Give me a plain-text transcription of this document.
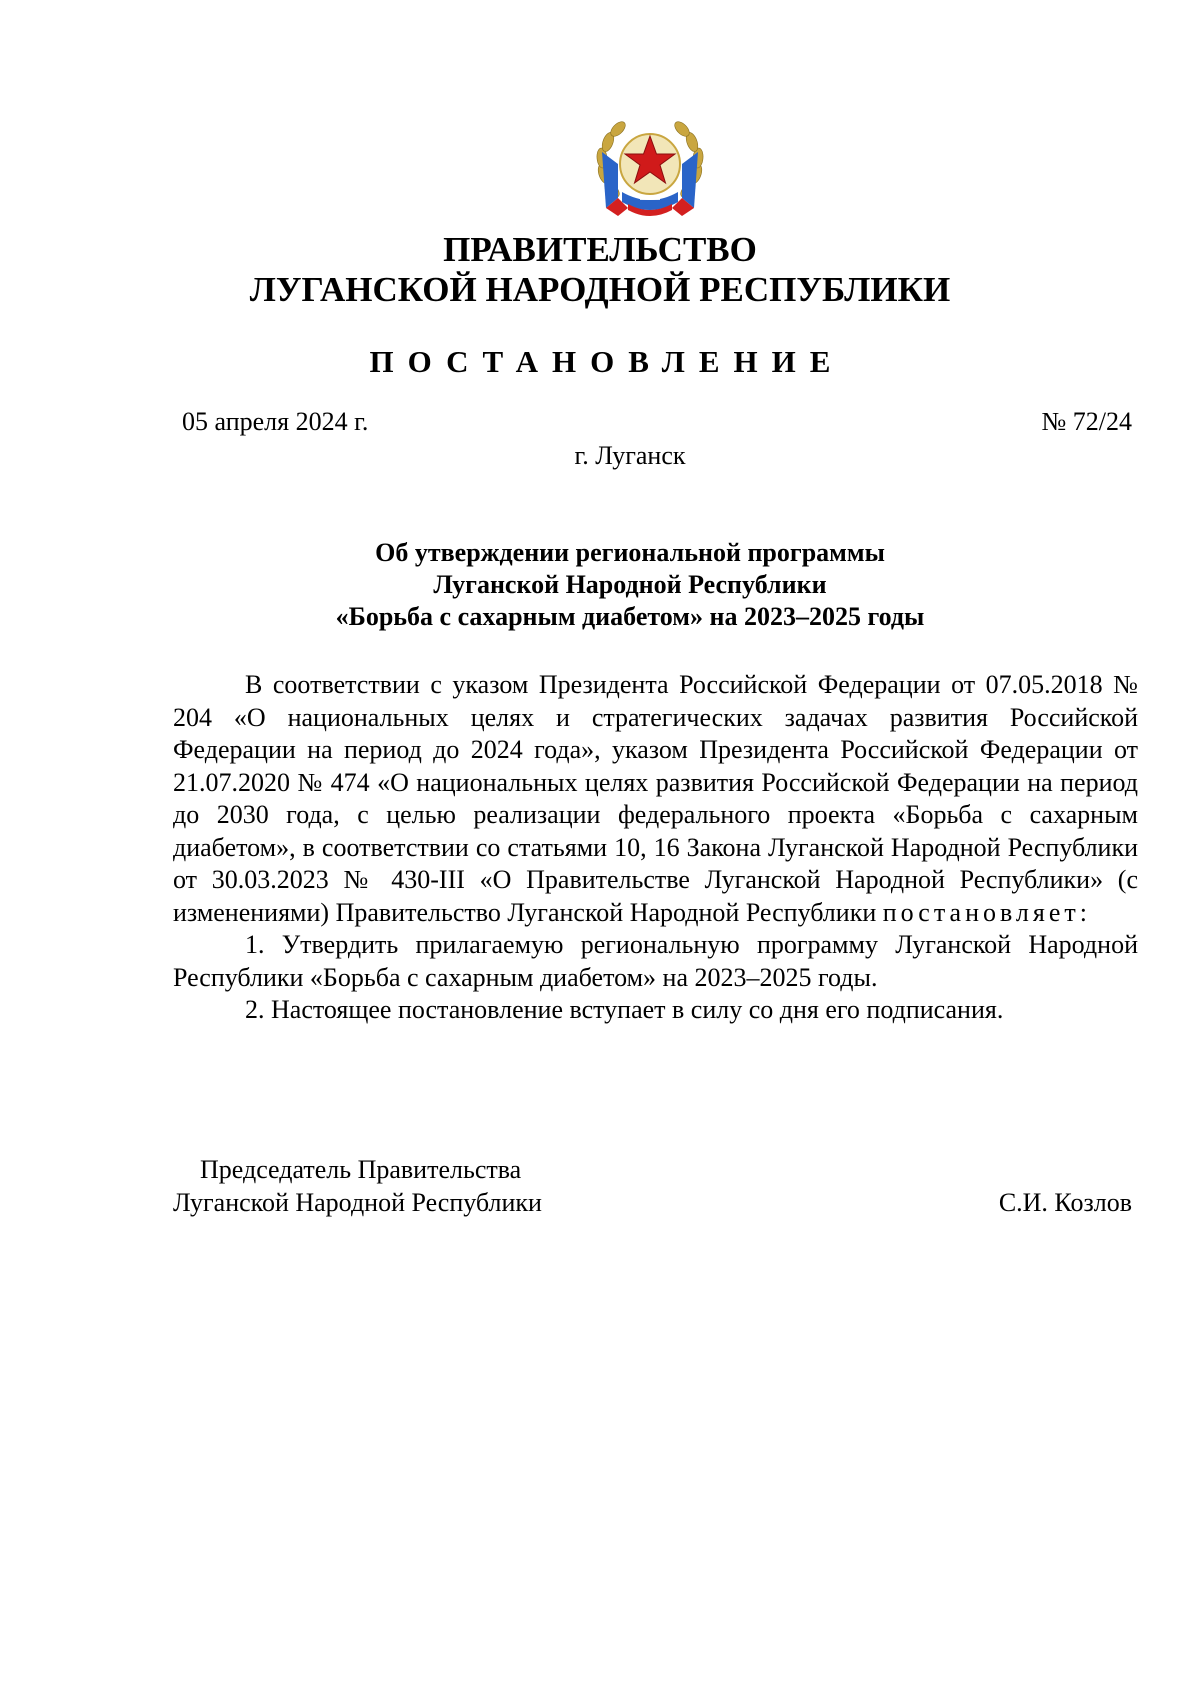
ПРАВИТЕЛЬСТВО
ЛУГАНСКОЙ НАРОДНОЙ РЕСПУБЛИКИ
ПОСТАНОВЛЕНИЕ
05 апреля 2024 г.	№ 72/24
г. Луганск
Об утверждении региональной программы
Луганской Народной Республики
«Борьба с сахарным диабетом» на 2023–2025 годы

В соответствии с указом Президента Российской Федерации от 07.05.2018 № 204 «О национальных целях и стратегических задачах развития Российской Федерации на период до 2024 года», указом Президента Российской Федерации от 21.07.2020 № 474 «О национальных целях развития Российской Федерации на период до 2030 года, с целью реализации федерального проекта «Борьба с сахарным диабетом», в соответствии со статьями 10, 16 Закона Луганской Народной Республики от 30.03.2023 № 430-III «О Правительстве Луганской Народной Республики» (с изменениями) Правительство Луганской Народной Республики постановляет:

1. Утвердить прилагаемую региональную программу Луганской Народной Республики «Борьба с сахарным диабетом» на 2023–2025 годы.

2. Настоящее постановление вступает в силу со дня его подписания.

Председатель Правительства
Луганской Народной Республики	С.И. Козлов
